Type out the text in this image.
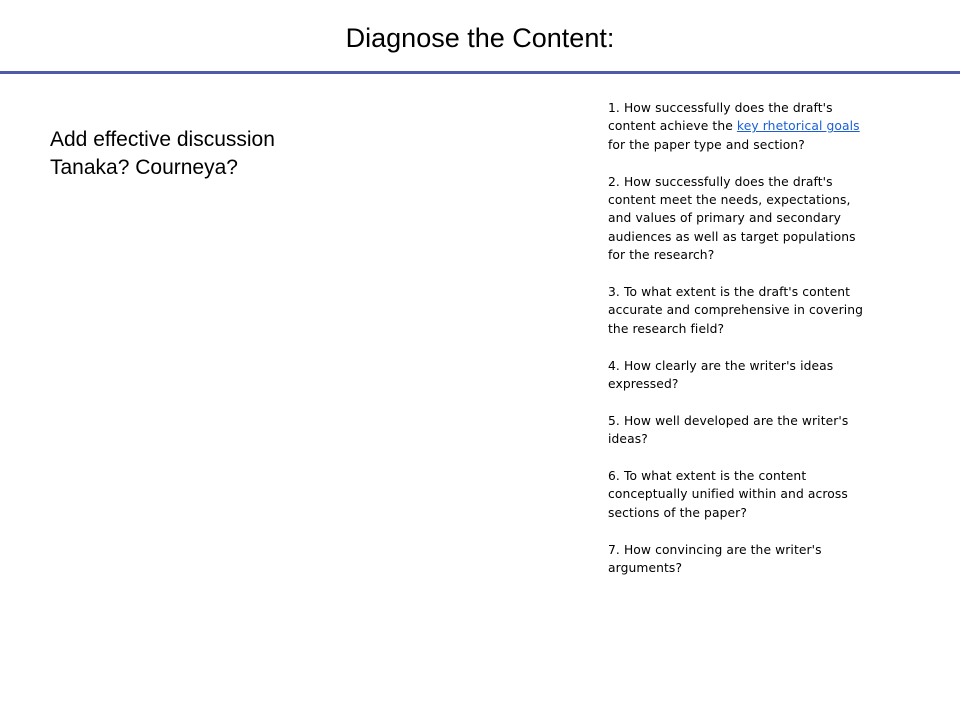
Diagnose the Content:
Add effective discussion
Tanaka? Courneya?
1. How successfully does the draft's
content achieve the key rhetorical goals
for the paper type and section?
2. How successfully does the draft's
content meet the needs, expectations,
and values of primary and secondary
audiences as well as target populations
for the research?
3. To what extent is the draft's content
accurate and comprehensive in covering
the research field?
4. How clearly are the writer's ideas
expressed?
5. How well developed are the writer's
ideas?
6. To what extent is the content
conceptually unified within and across
sections of the paper?
7. How convincing are the writer's
arguments?
